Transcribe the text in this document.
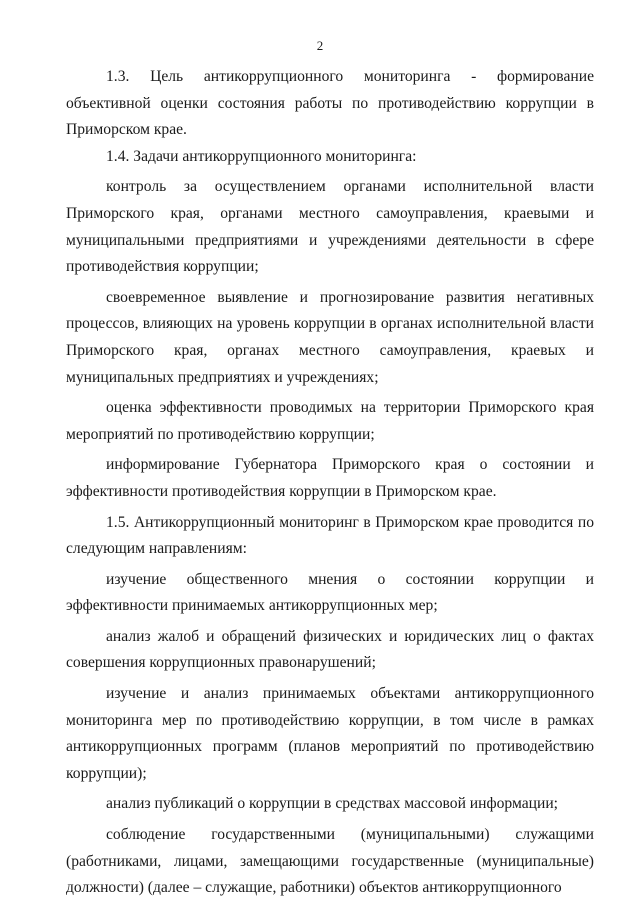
2

1.3. Цель антикоррупционного мониторинга - формирование объективной оценки состояния работы по противодействию коррупции в Приморском крае.

1.4. Задачи антикоррупционного мониторинга:

контроль за осуществлением органами исполнительной власти Приморского края, органами местного самоуправления, краевыми и муниципальными предприятиями и учреждениями деятельности в сфере противодействия коррупции;

своевременное выявление и прогнозирование развития негативных процессов, влияющих на уровень коррупции в органах исполнительной власти Приморского края, органах местного самоуправления, краевых и муниципальных предприятиях и учреждениях;

оценка эффективности проводимых на территории Приморского края мероприятий по противодействию коррупции;

информирование Губернатора Приморского края о состоянии и эффективности противодействия коррупции в Приморском крае.

1.5. Антикоррупционный мониторинг в Приморском крае проводится по следующим направлениям:

изучение общественного мнения о состоянии коррупции и эффективности принимаемых антикоррупционных мер;

анализ жалоб и обращений физических и юридических лиц о фактах совершения коррупционных правонарушений;

изучение и анализ принимаемых объектами антикоррупционного мониторинга мер по противодействию коррупции, в том числе в рамках антикоррупционных программ (планов мероприятий по противодействию коррупции);

анализ публикаций о коррупции в средствах массовой информации;

соблюдение государственными (муниципальными) служащими (работниками, лицами, замещающими государственные (муниципальные) должности) (далее – служащие, работники) объектов антикоррупционного
